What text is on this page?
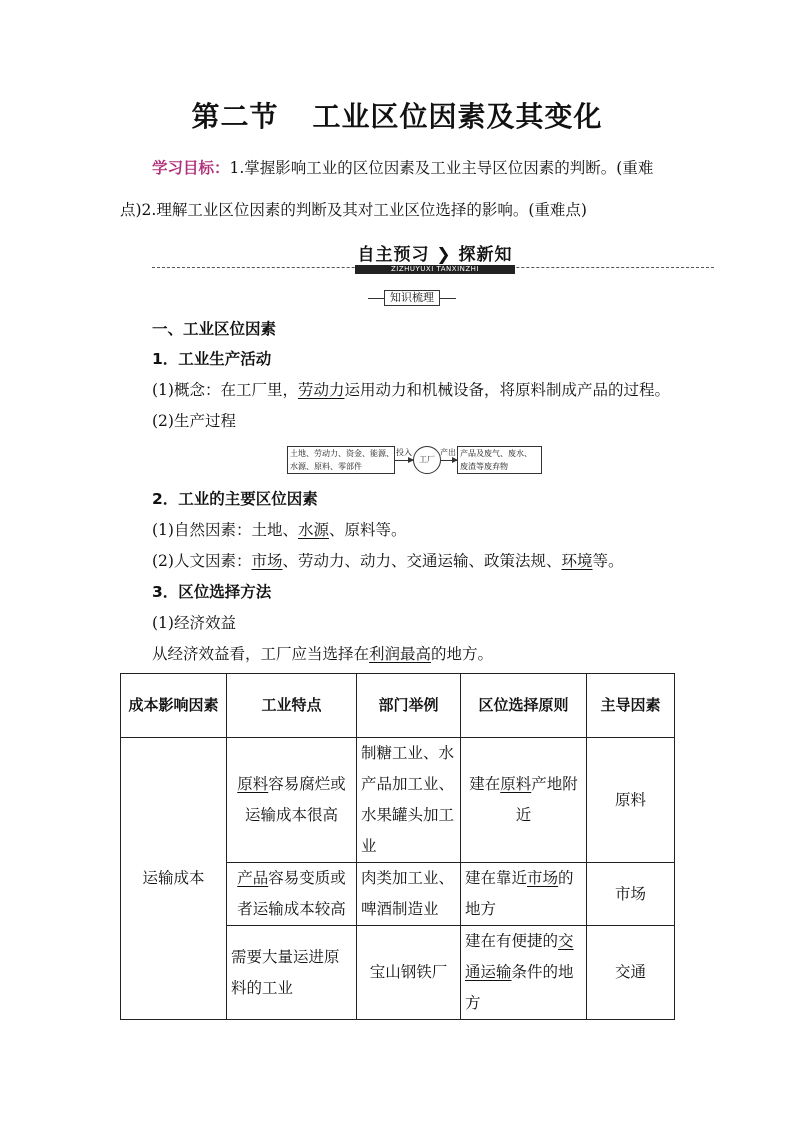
第二节 工业区位因素及其变化
学习目标：1.掌握影响工业的区位因素及工业主导区位因素的判断。(重难
点)2.理解工业区位因素的判断及其对工业区位选择的影响。(重难点)
自主预习 ❯ 探新知
ZIZHUYUXI TANXINZHI
知识梳理
一、工业区位因素
1．工业生产活动
(1)概念：在工厂里，劳动力运用动力和机械设备，将原料制成产品的过程。
(2)生产过程
土地、劳动力、资金、能源、
水源、原料、零部件
投入
工厂
产出 产品及废气、废水、
废渣等废弃物
2．工业的主要区位因素
(1)自然因素：土地、水源、原料等。
(2)人文因素：市场、劳动力、动力、交通运输、政策法规、环境等。
3．区位选择方法
(1)经济效益
从经济效益看，工厂应当选择在利润最高的地方。
成本影响因素	工业特点	部门举例	区位选择原则	主导因素
运输成本	原料容易腐烂或运输成本很高	制糖工业、水产品加工业、水果罐头加工业	建在原料产地附近	原料
	产品容易变质或者运输成本较高	肉类加工业、啤酒制造业	建在靠近市场的地方	市场
	需要大量运进原料的工业	宝山钢铁厂	建在有便捷的交通运输条件的地方	交通
